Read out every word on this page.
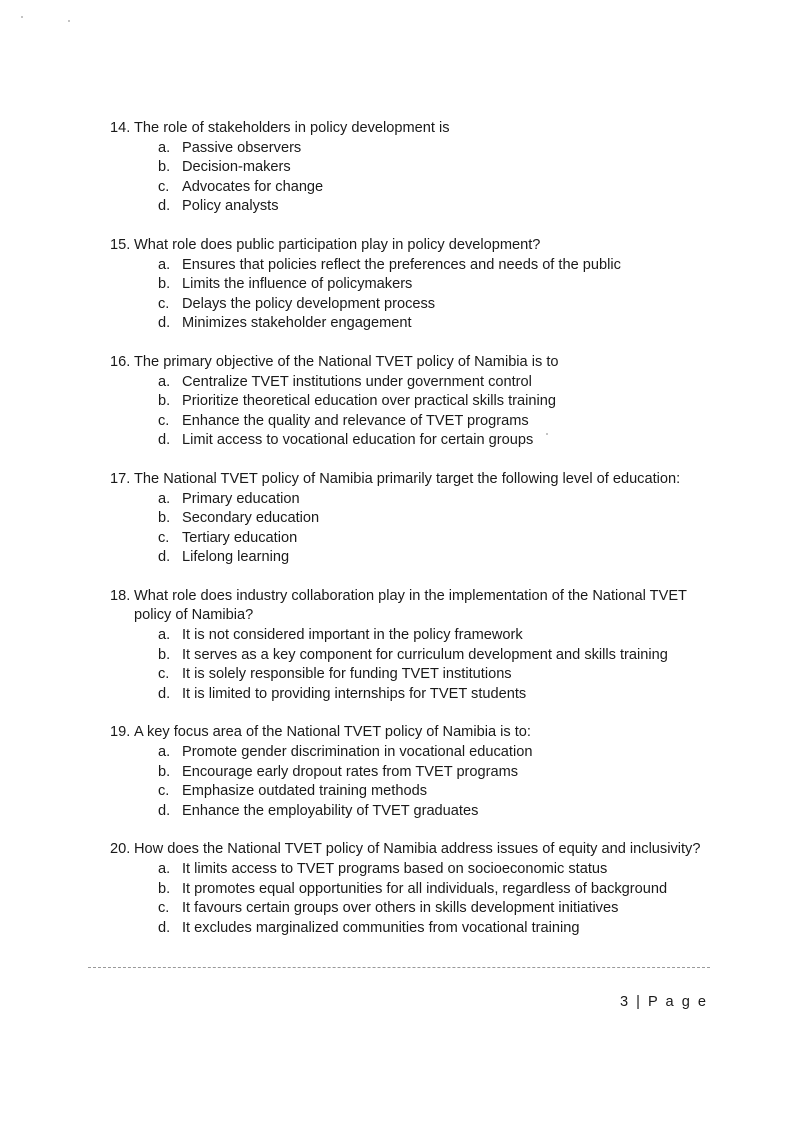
14. The role of stakeholders in policy development is
a. Passive observers
b. Decision-makers
c. Advocates for change
d. Policy analysts
15. What role does public participation play in policy development?
a. Ensures that policies reflect the preferences and needs of the public
b. Limits the influence of policymakers
c. Delays the policy development process
d. Minimizes stakeholder engagement
16. The primary objective of the National TVET policy of Namibia is to
a. Centralize TVET institutions under government control
b. Prioritize theoretical education over practical skills training
c. Enhance the quality and relevance of TVET programs
d. Limit access to vocational education for certain groups
17. The National TVET policy of Namibia primarily target the following level of education:
a. Primary education
b. Secondary education
c. Tertiary education
d. Lifelong learning
18. What role does industry collaboration play in the implementation of the National TVET policy of Namibia?
a. It is not considered important in the policy framework
b. It serves as a key component for curriculum development and skills training
c. It is solely responsible for funding TVET institutions
d. It is limited to providing internships for TVET students
19. A key focus area of the National TVET policy of Namibia is to:
a. Promote gender discrimination in vocational education
b. Encourage early dropout rates from TVET programs
c. Emphasize outdated training methods
d. Enhance the employability of TVET graduates
20. How does the National TVET policy of Namibia address issues of equity and inclusivity?
a. It limits access to TVET programs based on socioeconomic status
b. It promotes equal opportunities for all individuals, regardless of background
c. It favours certain groups over others in skills development initiatives
d. It excludes marginalized communities from vocational training
3 | P a g e
